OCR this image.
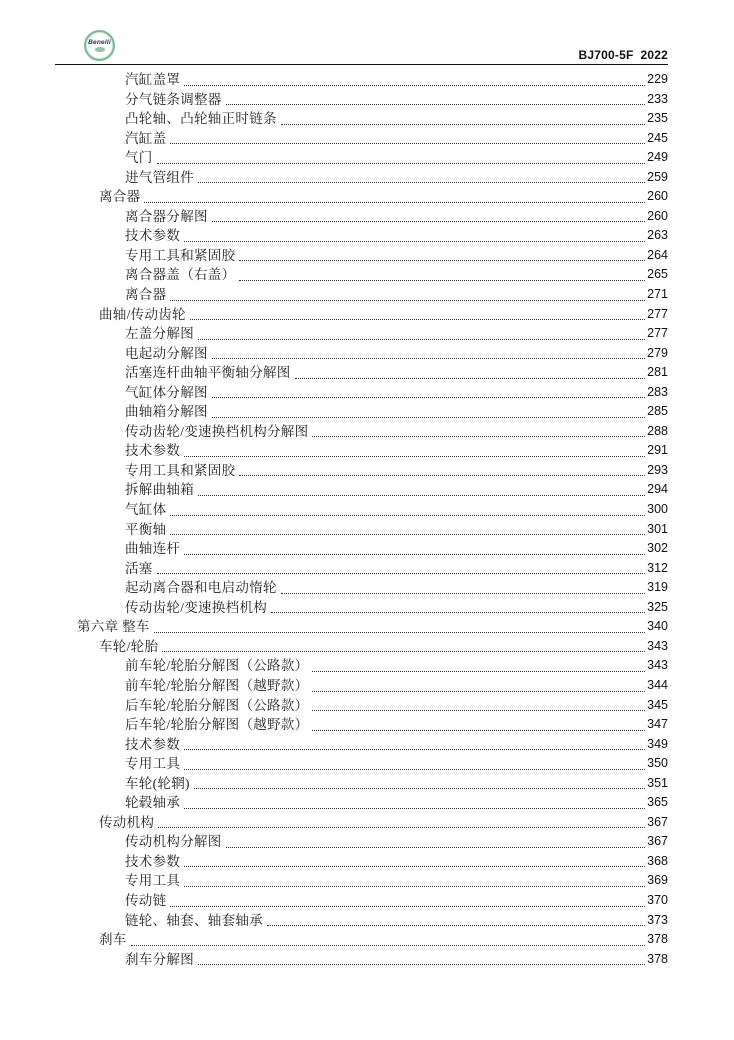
Benelli
BJ700-5F 2022
汽缸盖罩	229
分气链条调整器	233
凸轮轴、凸轮轴正时链条	235
汽缸盖	245
气门	249
进气管组件	259
离合器	260
离合器分解图	260
技术参数	263
专用工具和紧固胶	264
离合器盖（右盖）	265
离合器	271
曲轴/传动齿轮	277
左盖分解图	277
电起动分解图	279
活塞连杆曲轴平衡轴分解图	281
气缸体分解图	283
曲轴箱分解图	285
传动齿轮/变速换档机构分解图	288
技术参数	291
专用工具和紧固胶	293
拆解曲轴箱	294
气缸体	300
平衡轴	301
曲轴连杆	302
活塞	312
起动离合器和电启动惰轮	319
传动齿轮/变速换档机构	325
第六章 整车	340
车轮/轮胎	343
前车轮/轮胎分解图（公路款）	343
前车轮/轮胎分解图（越野款）	344
后车轮/轮胎分解图（公路款）	345
后车轮/轮胎分解图（越野款）	347
技术参数	349
专用工具	350
车轮(轮辋)	351
轮毂轴承	365
传动机构	367
传动机构分解图	367
技术参数	368
专用工具	369
传动链	370
链轮、轴套、轴套轴承	373
刹车	378
刹车分解图	378
